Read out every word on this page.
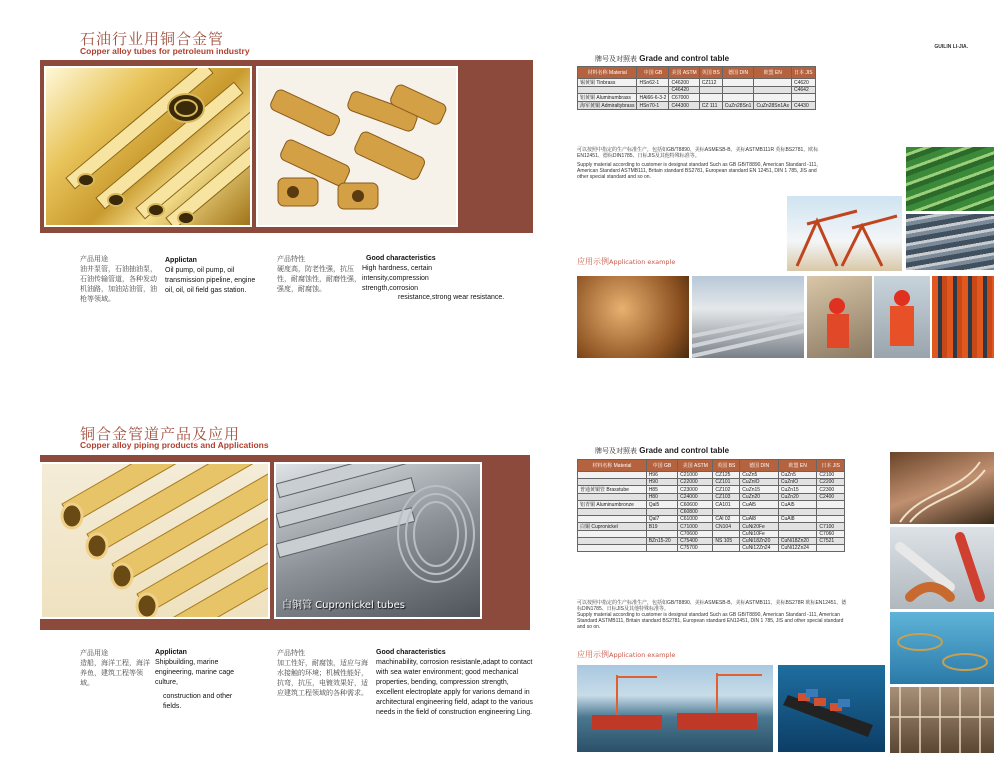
石油行业用铜合金管
Copper alloy tubes for petroleum industry
产品用途
油井泵管，石油抽油泵，石油传输管道，各种发动机油路，加油站油管，油枪等领域。
Applictan
Oil pump, oil pump, oil transmission pipeline, engine oil, oil, oil field gas station.
产品特性
硬度高，防老性强，抗压性，耐腐蚀性，耐磨性强，强度，耐腐蚀。
Good characteristics
High hardness, certain intensity,compression strength,corrosion
resistance,strong wear resistance.
GUILIN LI-JIA.
牌号及对照表 Grade and control table
材料名称 Material	中国 GB	美国 ASTM	英国 BS	德国 DIN	欧盟 EN	日本 JIS
锡黄铜 Tinbrass	HSn62-1	C46200	CZ112			C4620
		C46420				C4642
铝黄铜 Aluminumbrass	HAl66-6-3-2	C67000				
海军黄铜 Admiraltybrass	HSn70-1	C44300	CZ 111	CuZn28Sn1	CuZn28Sn1As	C4430
可以按照中指定的生产标准生产，包括如GB/T8890、美标ASMESB-B、美标ASTMB111R 英标BS2781、欧标EN12451、德标DIN1785、日标JIS及其他特殊标准等。
Supply material according to customer is designat standard Such as GB GB/T8890, American Standard -111, American Standard ASTMB111, Britain standard BS2781, European standard EN 12451, DIN 1 785, JIS and other special standard and so on.
应用示例Application example
铜合金管道产品及应用
Copper alloy piping products and Applications
白铜管 Cupronickel tubes
产品用途
造船，海洋工程，海洋养鱼，建筑工程等领域。
Applictan
Shipbuilding, marine engineering, marine cage culture,
construction and other fields.
产品特性
加工性好，耐腐蚀，适应与海水接触的环境；机械性能好，抗弯，抗压，电镀效果好，适应建筑工程领域的各种需求。
Good characteristics
machinability, corrosion resistanle,adapt to contact with sea water environment; good mechanical properties, bending, compression strength, excellent electroplate apply for varions demand in architectural engineering field, adapt to the various needs in the field of construction engineering Ling.
牌号及对照表 Grade and control table
材料名称 Material	中国 GB	美国 ASTM	英国 BS	德国 DIN	欧盟 EN	日本 JIS
	H96	C21000	CZ125	CuZn5	CuZn5	C2100
	H90	C22000	CZ101	CuZnlO	CuZnlO	C2200
普通黄铜管 Brasstube	H85	C23000	CZ102	CuZn15	CuZn15	C2300
	H80	C24000	CZ103	CuZn20	CuZn20	C2400
铝青铜 Aluminumbronze	Qal5	C60600	CA101	CuAl5	CuAl5	
		C60800				
	Qal7	C61000	CAl 02	CuAl8	CuAl8	
白铜 Cupronickel	B19	C71000	CN104	CuNi20Fe		C7100
		C70600		CuNi10Fe		C7060
	BZn15-20	C75400	NS 105	CuNi18Zn20	CuNi18Zn20	C7521
		C75700		CuNi12Zn24	CuNi12Zn24	
可以按照中指定的生产标准生产，包括如GB/T8890、美标ASMESB-B、美标ASTMB111、美标BS278R 欧标EN12451、德标DIN1785、日标JIS及其他特殊标准等。
Supply material according to customer is designat standard Such as GB GB/T8890, American Standard -111, American Standard ASTMB111, Britain standard BS2781, European standard EN12451, DIN 1 785, JIS and other special standard and so on.
应用示例Application example
